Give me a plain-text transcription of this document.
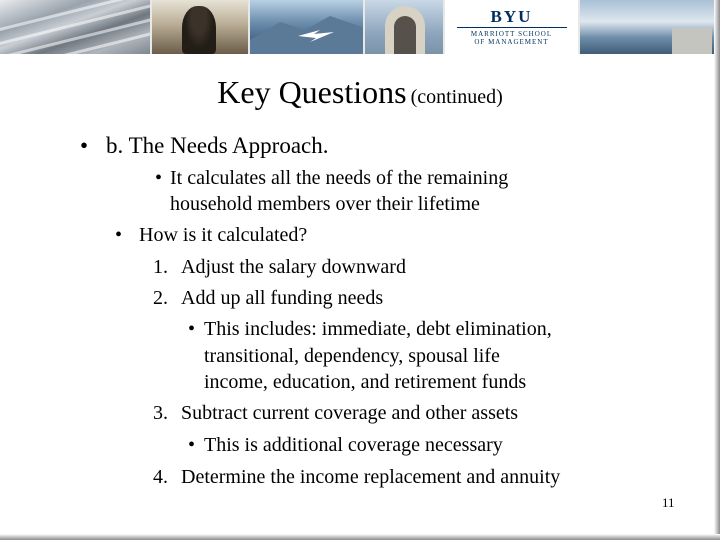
BYU
MARRIOTT SCHOOL
OF MANAGEMENT
Key Questions (continued)
• b. The Needs Approach.
• It calculates all the needs of the remaining
household members over their lifetime
• How is it calculated?
1. Adjust the salary downward
2. Add up all funding needs
• This includes: immediate, debt elimination,
transitional, dependency, spousal life
income, education, and retirement funds
3. Subtract current coverage and other assets
• This is additional coverage necessary
4. Determine the income replacement and annuity
11
